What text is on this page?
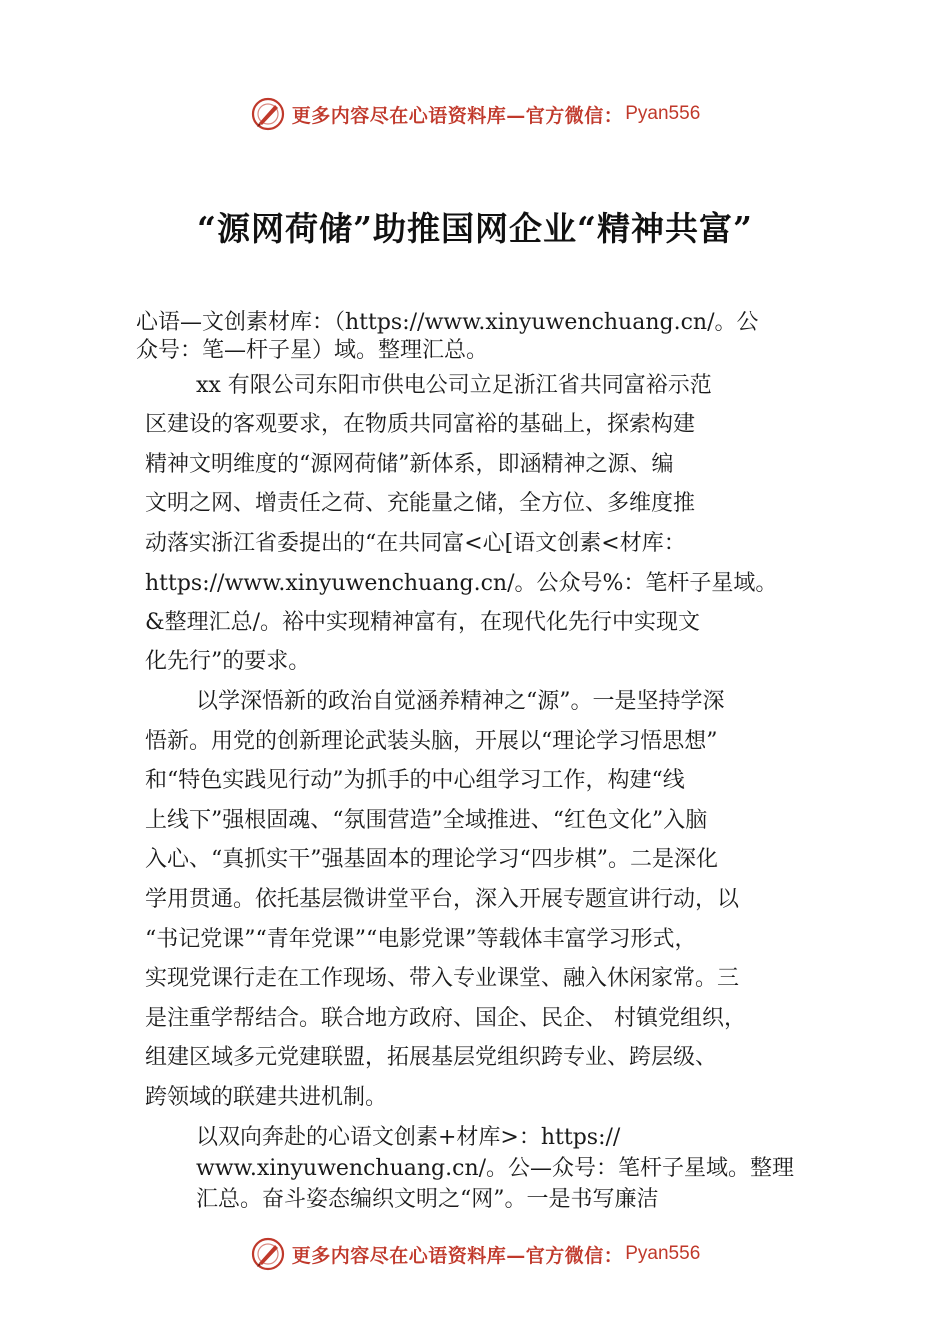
更多内容尽在心语资料库—官方微信： Pyan556
“源网荷储”助推国网企业“精神共富”
心语—文创素材库：（https://www.xinyuwenchuang.cn/。公
众号：笔—杆子星）域。整理汇总。
xx 有限公司东阳市供电公司立足浙江省共同富裕示范
区建设的客观要求，在物质共同富裕的基础上，探索构建
精神文明维度的“源网荷储”新体系，即涵精神之源、编
文明之网、增责任之荷、充能量之储，全方位、多维度推
动落实浙江省委提出的“在共同富<心[语文创素<材库：
https://www.xinyuwenchuang.cn/。公众号%：笔杆子星域。
&整理汇总/。裕中实现精神富有，在现代化先行中实现文
化先行”的要求。
以学深悟新的政治自觉涵养精神之“源”。一是坚持学深
悟新。用党的创新理论武装头脑，开展以“理论学习悟思想”
和“特色实践见行动”为抓手的中心组学习工作，构建“线
上线下”强根固魂、“氛围营造”全域推进、“红色文化”入脑
入心、“真抓实干”强基固本的理论学习“四步棋”。二是深化
学用贯通。依托基层微讲堂平台，深入开展专题宣讲行动，以
“书记党课”“青年党课”“电影党课”等载体丰富学习形式，
实现党课行走在工作现场、带入专业课堂、融入休闲家常。三
是注重学帮结合。联合地方政府、国企、民企、 村镇党组织，
组建区域多元党建联盟，拓展基层党组织跨专业、跨层级、
跨领域的联建共进机制。
以双向奔赴的心语文创素+材库>：https://
www.xinyuwenchuang.cn/。公—众号：笔杆子星域。整理
汇总。奋斗姿态编织文明之“网”。一是书写廉洁
更多内容尽在心语资料库—官方微信： Pyan556
